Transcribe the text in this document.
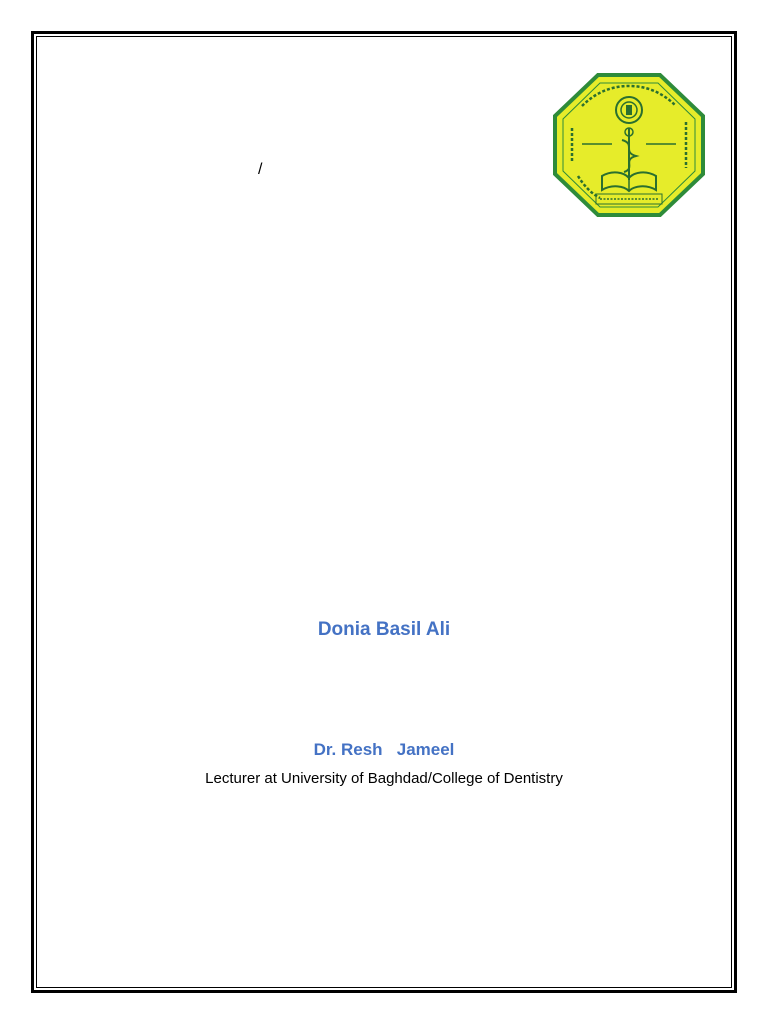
/
Donia Basil Ali
Dr. Resh   Jameel
Lecturer at University of Baghdad/College of Dentistry
